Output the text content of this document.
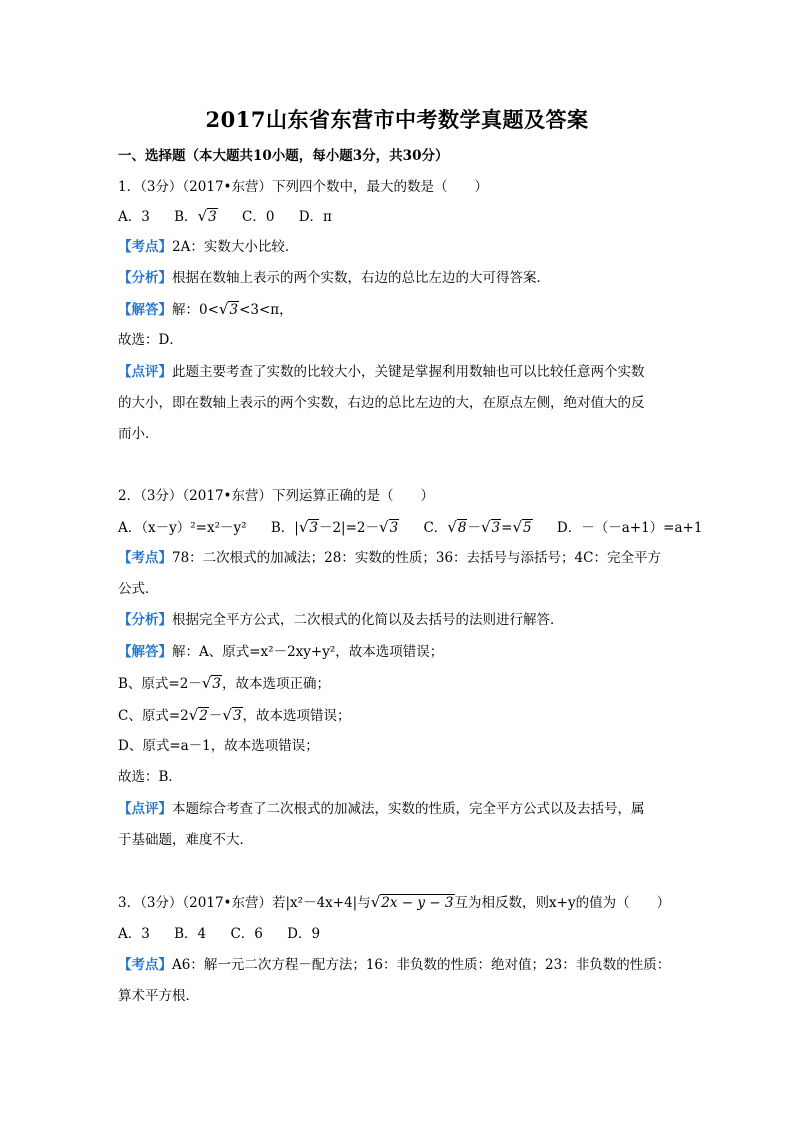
2017山东省东营市中考数学真题及答案
一、选择题（本大题共10小题，每小题3分，共30分）
1．（3分）（2017•东营）下列四个数中，最大的数是（　　）
A．3 B．√3 C．0 D．π
【考点】2A：实数大小比较．
【分析】根据在数轴上表示的两个实数，右边的总比左边的大可得答案．
【解答】解：0<√3<3<π，
故选：D．
【点评】此题主要考查了实数的比较大小，关键是掌握利用数轴也可以比较任意两个实数
的大小，即在数轴上表示的两个实数，右边的总比左边的大，在原点左侧，绝对值大的反
而小．
2．（3分）（2017•东营）下列运算正确的是（　　）
A．（x－y）²=x²－y² B．|√3－2|=2－√3 C．√8－√3=√5 D．－（－a+1）=a+1
【考点】78：二次根式的加减法；28：实数的性质；36：去括号与添括号；4C：完全平方
公式．
【分析】根据完全平方公式，二次根式的化简以及去括号的法则进行解答．
【解答】解：A、原式=x²－2xy+y²，故本选项错误；
B、原式=2－√3，故本选项正确；
C、原式=2√2－√3，故本选项错误；
D、原式=a－1，故本选项错误；
故选：B．
【点评】本题综合考查了二次根式的加减法，实数的性质，完全平方公式以及去括号，属
于基础题，难度不大．
3．（3分）（2017•东营）若|x²－4x+4|与√2x − y − 3互为相反数，则x+y的值为（　　）
A．3 B．4 C．6 D．9
【考点】A6：解一元二次方程－配方法；16：非负数的性质：绝对值；23：非负数的性质：
算术平方根．
